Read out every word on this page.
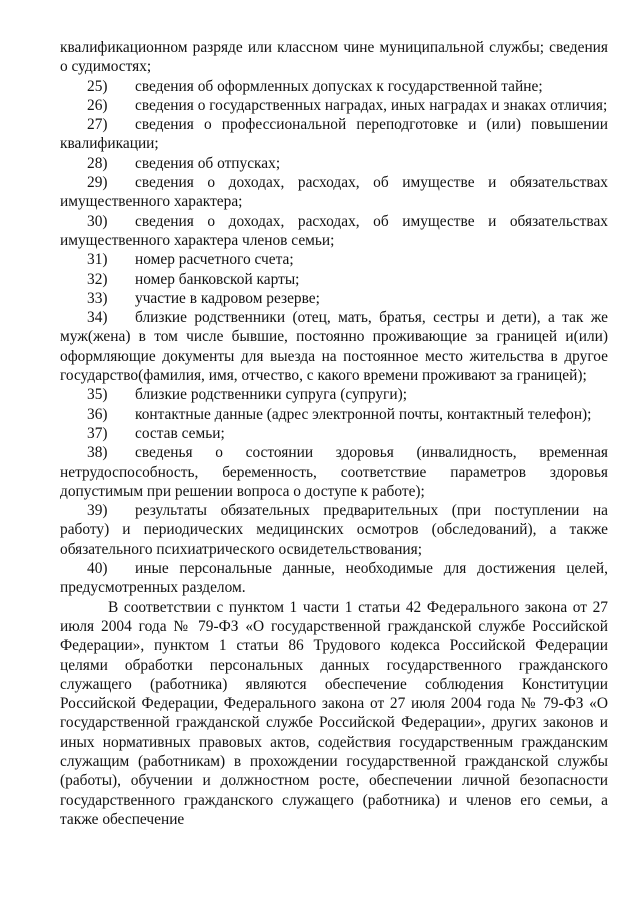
квалификационном разряде или классном чине муниципальной службы; сведения о судимостях;

25) сведения об оформленных допусках к государственной тайне;

26) сведения о государственных наградах, иных наградах и знаках отличия;

27) сведения о профессиональной переподготовке и (или) повышении квалификации;

28) сведения об отпусках;

29) сведения о доходах, расходах, об имуществе и обязательствах имущественного характера;

30) сведения о доходах, расходах, об имуществе и обязательствах имущественного характера членов семьи;

31) номер расчетного счета;

32) номер банковской карты;

33) участие в кадровом резерве;

34) близкие родственники (отец, мать, братья, сестры и дети), а так же муж(жена) в том числе бывшие, постоянно проживающие за границей и(или) оформляющие документы для выезда на постоянное место жительства в другое государство(фамилия, имя, отчество, с какого времени проживают за границей);

35) близкие родственники супруга (супруги);

36) контактные данные (адрес электронной почты, контактный телефон);

37) состав семьи;

38) сведенья о состоянии здоровья (инвалидность, временная нетрудоспособность, беременность, соответствие параметров здоровья допустимым при решении вопроса о доступе к работе);

39) результаты обязательных предварительных (при поступлении на работу) и периодических медицинских осмотров (обследований), а также обязательного психиатрического освидетельствования;

40) иные персональные данные, необходимые для достижения целей, предусмотренных разделом.

В соответствии с пунктом 1 части 1 статьи 42 Федерального закона от 27 июля 2004 года № 79-ФЗ «О государственной гражданской службе Российской Федерации», пунктом 1 статьи 86 Трудового кодекса Российской Федерации целями обработки персональных данных государственного гражданского служащего (работника) являются обеспечение соблюдения Конституции Российской Федерации, Федерального закона от 27 июля 2004 года № 79-ФЗ «О государственной гражданской службе Российской Федерации», других законов и иных нормативных правовых актов, содействия государственным гражданским служащим (работникам) в прохождении государственной гражданской службы (работы), обучении и должностном росте, обеспечении личной безопасности государственного гражданского служащего (работника) и членов его семьи, а также обеспечение
